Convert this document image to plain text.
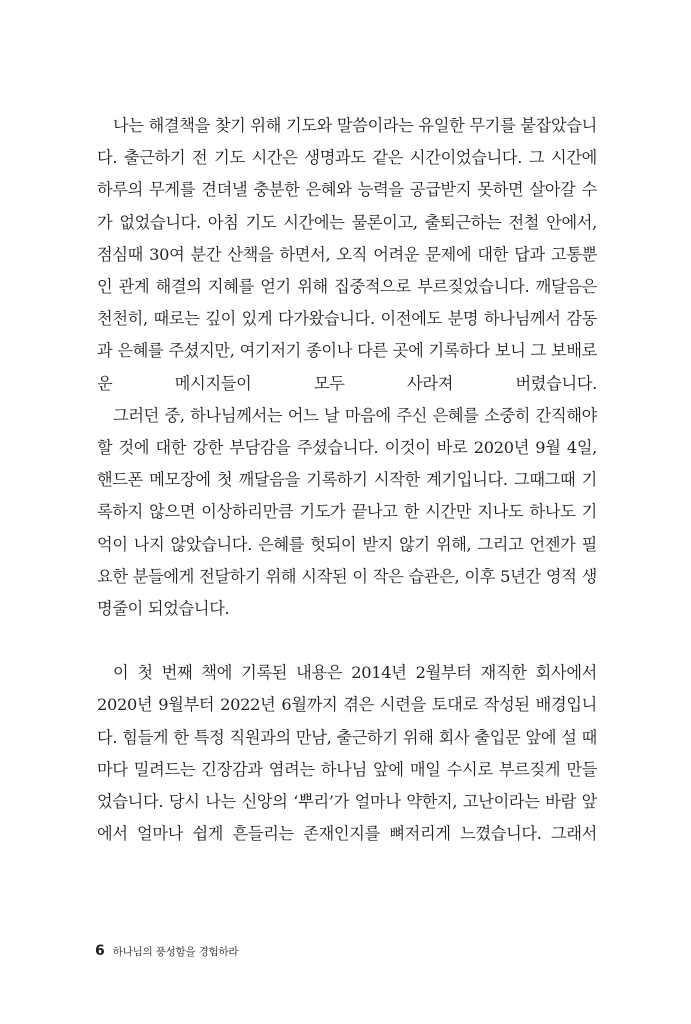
나는 해결책을 찾기 위해 기도와 말씀이라는 유일한 무기를 붙잡았습니다. 출근하기 전 기도 시간은 생명과도 같은 시간이었습니다. 그 시간에 하루의 무게를 견뎌낼 충분한 은혜와 능력을 공급받지 못하면 살아갈 수가 없었습니다. 아침 기도 시간에는 물론이고, 출퇴근하는 전철 안에서, 점심때 30여 분간 산책을 하면서, 오직 어려운 문제에 대한 답과 고통뿐인 관계 해결의 지혜를 얻기 위해 집중적으로 부르짖었습니다. 깨달음은 천천히, 때로는 깊이 있게 다가왔습니다. 이전에도 분명 하나님께서 감동과 은혜를 주셨지만, 여기저기 종이나 다른 곳에 기록하다 보니 그 보배로운 메시지들이 모두 사라져 버렸습니다.

그러던 중, 하나님께서는 어느 날 마음에 주신 은혜를 소중히 간직해야 할 것에 대한 강한 부담감을 주셨습니다. 이것이 바로 2020년 9월 4일, 핸드폰 메모장에 첫 깨달음을 기록하기 시작한 계기입니다. 그때그때 기록하지 않으면 이상하리만큼 기도가 끝나고 한 시간만 지나도 하나도 기억이 나지 않았습니다. 은혜를 헛되이 받지 않기 위해, 그리고 언젠가 필요한 분들에게 전달하기 위해 시작된 이 작은 습관은, 이후 5년간 영적 생명줄이 되었습니다.

이 첫 번째 책에 기록된 내용은 2014년 2월부터 재직한 회사에서 2020년 9월부터 2022년 6월까지 겪은 시련을 토대로 작성된 배경입니다. 힘들게 한 특정 직원과의 만남, 출근하기 위해 회사 출입문 앞에 설 때마다 밀려드는 긴장감과 염려는 하나님 앞에 매일 수시로 부르짖게 만들었습니다. 당시 나는 신앙의 ‘뿌리’가 얼마나 약한지, 고난이라는 바람 앞에서 얼마나 쉽게 흔들리는 존재인지를 뼈저리게 느꼈습니다. 그래서

6 하나님의 풍성함을 경험하라
